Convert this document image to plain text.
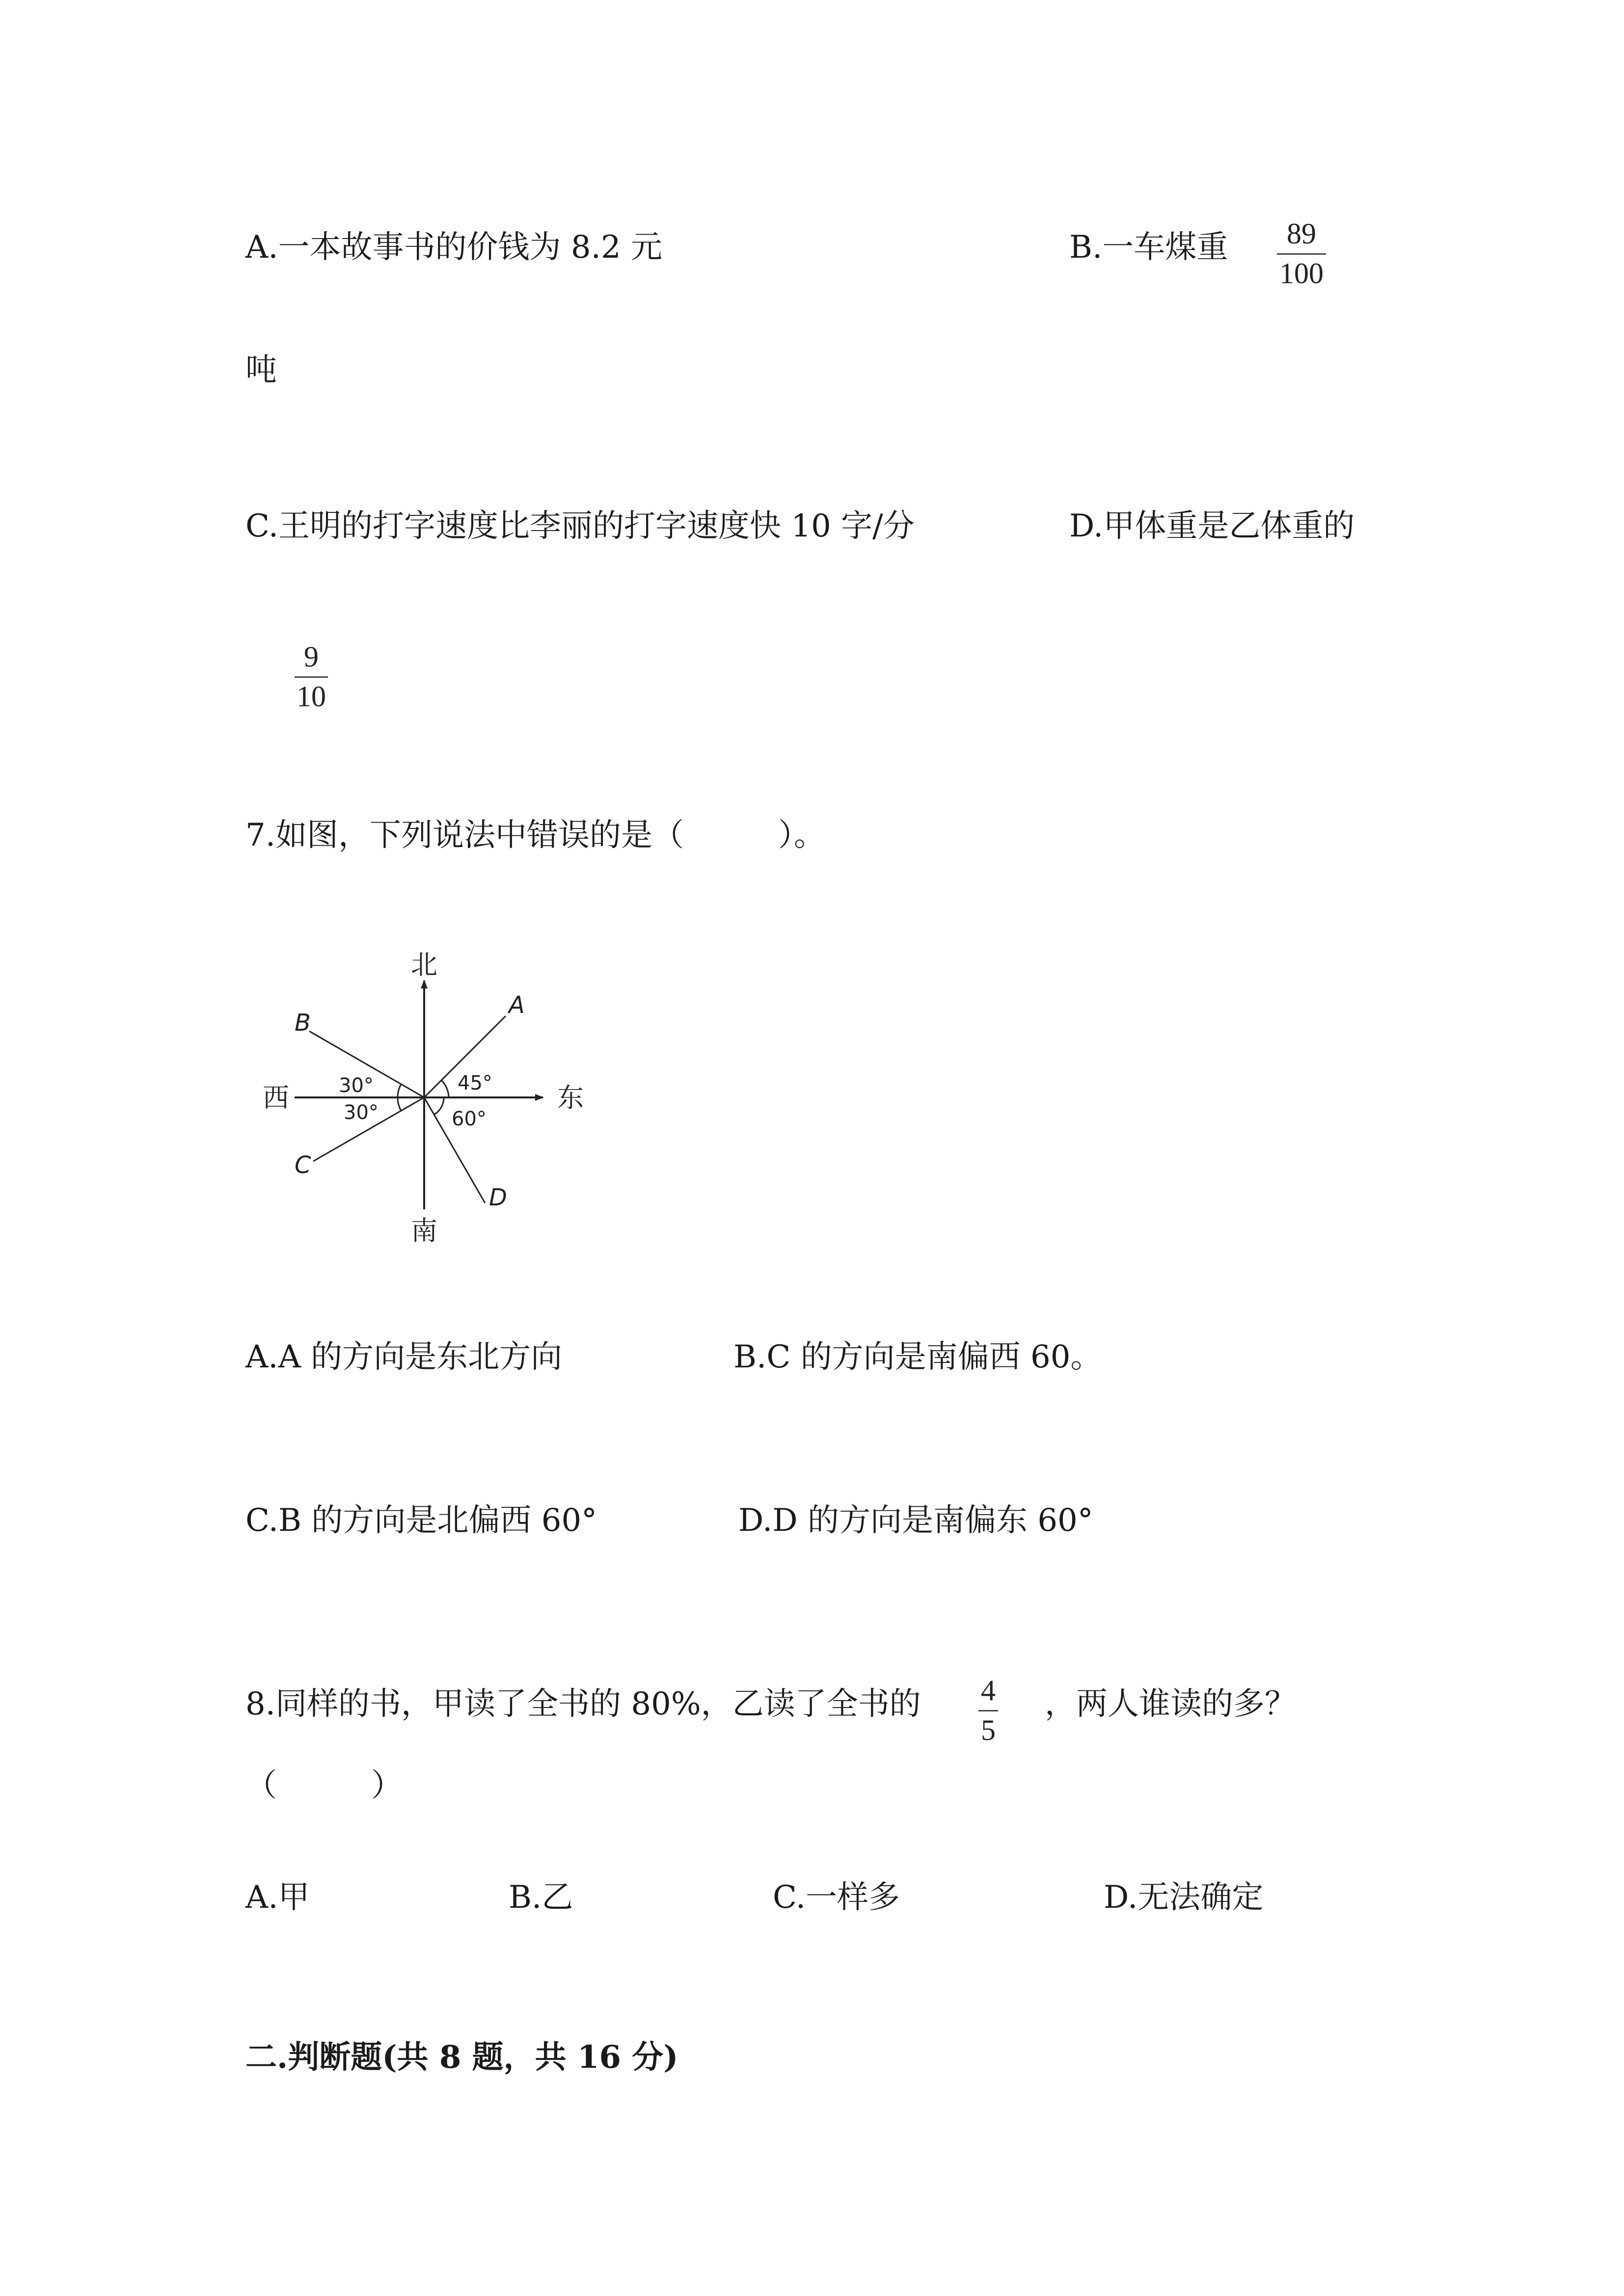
A.一本故事书的价钱为 8.2 元	B.一车煤重 89
100
吨
C.王明的打字速度比李丽的打字速度快 10 字/分	D.甲体重是乙体重的
9
10
7.如图，下列说法中错误的是（　　　）。
北
南
西	东
A
B
C
D
30°
30°
45°
60°
A.A 的方向是东北方向	B.C 的方向是南偏西 60。
C.B 的方向是北偏西 60°	D.D 的方向是南偏东 60°
8.同样的书，甲读了全书的 80%，乙读了全书的 4
5
，两人谁读的多？
（　　　）
A.甲	B.乙	C.一样多	D.无法确定
二.判断题(共 8 题，共 16 分)
